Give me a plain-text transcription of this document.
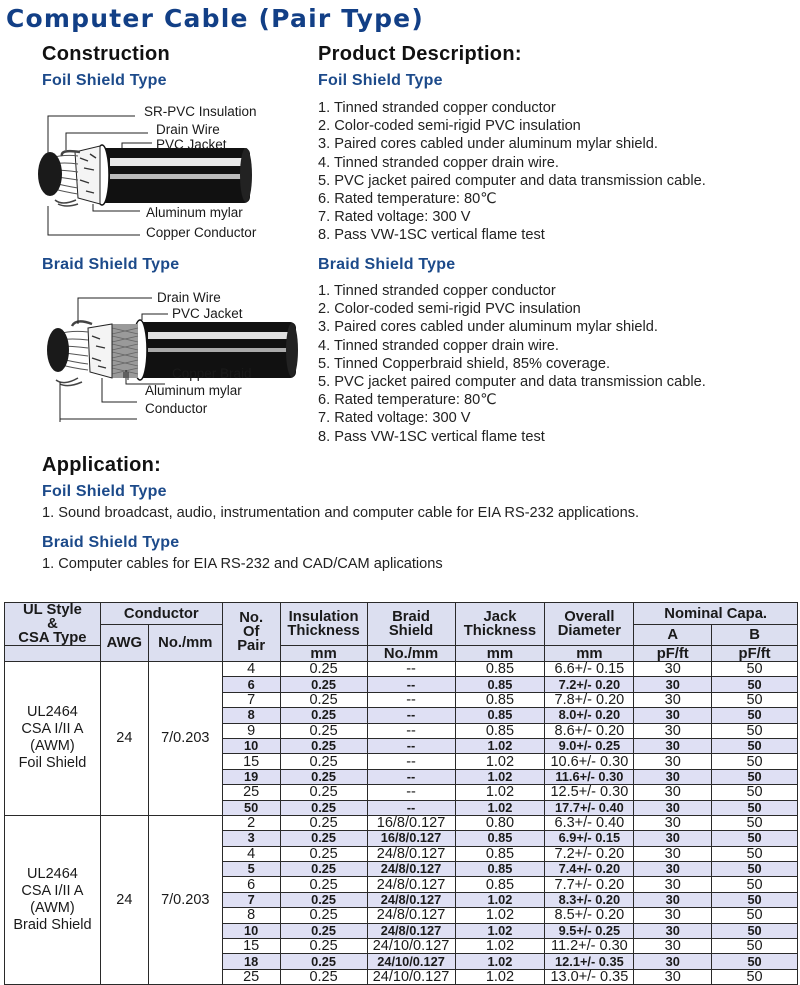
Computer Cable (Pair Type)
Construction
Foil Shield Type
SR-PVC Insulation
Drain Wire
PVC Jacket
Aluminum mylar
Copper Conductor
Braid Shield Type
Drain Wire
PVC Jacket
Copper Braid
Aluminum mylar
Conductor
Product Description:
Foil Shield Type
1. Tinned stranded copper conductor
2. Color-coded semi-rigid PVC insulation
3. Paired cores cabled under aluminum mylar shield.
4. Tinned stranded copper drain wire.
5. PVC jacket paired computer and data transmission cable.
6. Rated temperature: 80℃
7. Rated voltage: 300 V
8. Pass VW-1SC vertical flame test
Braid Shield Type
1. Tinned stranded copper conductor
2. Color-coded semi-rigid PVC insulation
3. Paired cores cabled under aluminum mylar shield.
4. Tinned stranded copper drain wire.
5. Tinned Copperbraid shield, 85% coverage.
5. PVC jacket paired computer and data transmission cable.
6. Rated temperature: 80℃
7. Rated voltage: 300 V
8. Pass VW-1SC vertical flame test
Application:
Foil Shield Type
1. Sound broadcast, audio, instrumentation and computer cable for EIA RS-232 applications.
Braid Shield Type
1. Computer cables for EIA RS-232 and CAD/CAM aplications
UL Style
&
CSA Type	Conductor		No.
Of
Pair	Insulation
Thickness	Braid
Shield	Jack
Thickness	Overall
Diameter	Nominal Capa.	
	AWG	No./mm						A	B
				mm	No./mm	mm	mm	pF/ft	pF/ft
UL2464
CSA I/II A
(AWM)
Foil Shield	24	7/0.203	4	0.25	--	0.85	6.6+/- 0.15	30	50
			6	0.25	--	0.85	7.2+/- 0.20	30	50
			7	0.25	--	0.85	7.8+/- 0.20	30	50
			8	0.25	--	0.85	8.0+/- 0.20	30	50
			9	0.25	--	0.85	8.6+/- 0.20	30	50
			10	0.25	--	1.02	9.0+/- 0.25	30	50
			15	0.25	--	1.02	10.6+/- 0.30	30	50
			19	0.25	--	1.02	11.6+/- 0.30	30	50
			25	0.25	--	1.02	12.5+/- 0.30	30	50
			50	0.25	--	1.02	17.7+/- 0.40	30	50
UL2464
CSA I/II A
(AWM)
Braid Shield	24	7/0.203	2	0.25	16/8/0.127	0.80	6.3+/- 0.40	30	50
			3	0.25	16/8/0.127	0.85	6.9+/- 0.15	30	50
			4	0.25	24/8/0.127	0.85	7.2+/- 0.20	30	50
			5	0.25	24/8/0.127	0.85	7.4+/- 0.20	30	50
			6	0.25	24/8/0.127	0.85	7.7+/- 0.20	30	50
			7	0.25	24/8/0.127	1.02	8.3+/- 0.20	30	50
			8	0.25	24/8/0.127	1.02	8.5+/- 0.20	30	50
			10	0.25	24/8/0.127	1.02	9.5+/- 0.25	30	50
			15	0.25	24/10/0.127	1.02	11.2+/- 0.30	30	50
			18	0.25	24/10/0.127	1.02	12.1+/- 0.35	30	50
			25	0.25	24/10/0.127	1.02	13.0+/- 0.35	30	50
